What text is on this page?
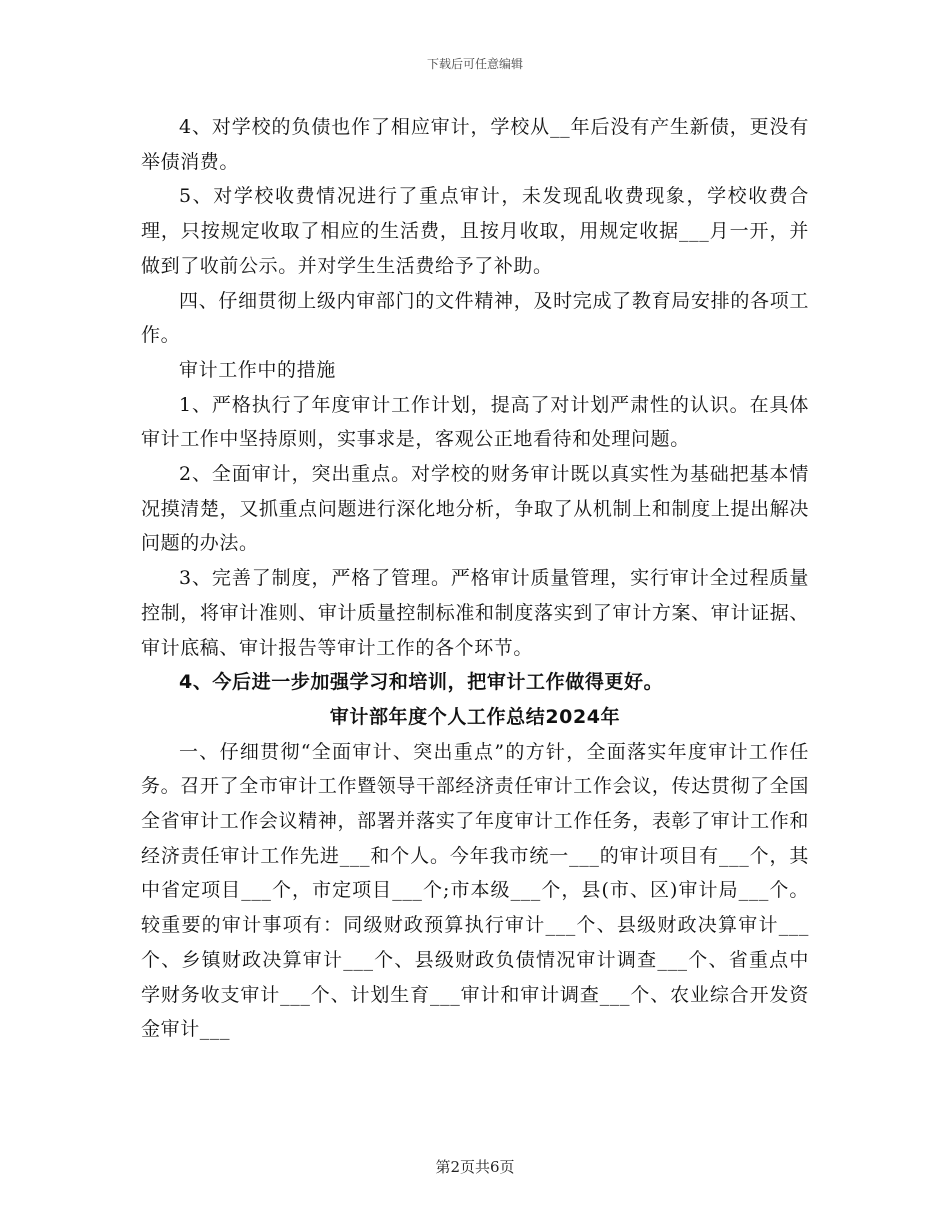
下载后可任意编辑

4、对学校的负债也作了相应审计，学校从__年后没有产生新债，更没有举债消费。

5、对学校收费情况进行了重点审计，未发现乱收费现象，学校收费合理，只按规定收取了相应的生活费，且按月收取，用规定收据___月一开，并做到了收前公示。并对学生生活费给予了补助。

四、仔细贯彻上级内审部门的文件精神，及时完成了教育局安排的各项工作。

审计工作中的措施

1、严格执行了年度审计工作计划，提高了对计划严肃性的认识。在具体审计工作中坚持原则，实事求是，客观公正地看待和处理问题。

2、全面审计，突出重点。对学校的财务审计既以真实性为基础把基本情况摸清楚，又抓重点问题进行深化地分析，争取了从机制上和制度上提出解决问题的办法。

3、完善了制度，严格了管理。严格审计质量管理，实行审计全过程质量控制，将审计准则、审计质量控制标准和制度落实到了审计方案、审计证据、审计底稿、审计报告等审计工作的各个环节。

4、今后进一步加强学习和培训，把审计工作做得更好。

审计部年度个人工作总结2024年

一、仔细贯彻“全面审计、突出重点”的方针，全面落实年度审计工作任务。召开了全市审计工作暨领导干部经济责任审计工作会议，传达贯彻了全国全省审计工作会议精神，部署并落实了年度审计工作任务，表彰了审计工作和经济责任审计工作先进___和个人。今年我市统一___的审计项目有___个，其中省定项目___个，市定项目___个;市本级___个，县(市、区)审计局___个。较重要的审计事项有：同级财政预算执行审计___个、县级财政决算审计___个、乡镇财政决算审计___个、县级财政负债情况审计调查___个、省重点中学财务收支审计___个、计划生育___审计和审计调查___个、农业综合开发资金审计___

第2页共6页
